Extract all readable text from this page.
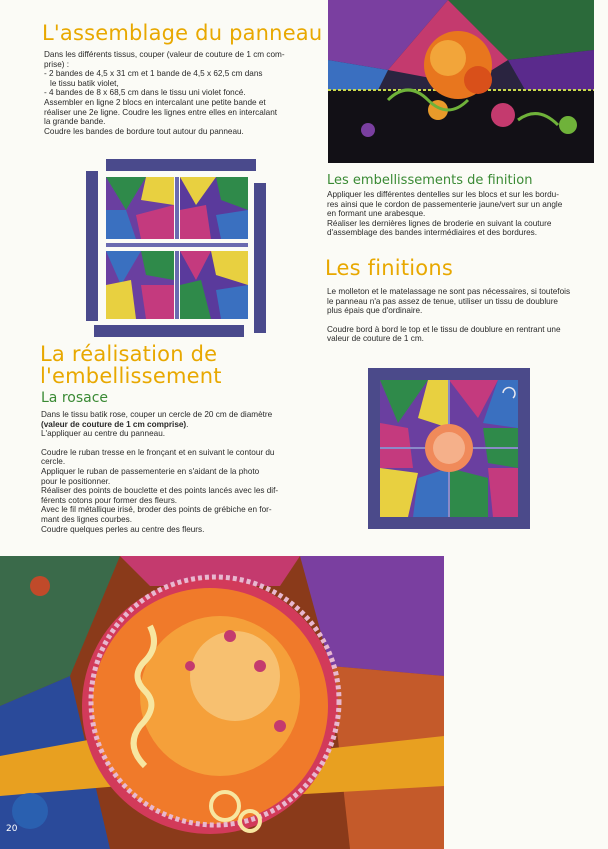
L'assemblage du panneau

Dans les différents tissus, couper (valeur de couture de 1 cm com-

prise) :

- 2 bandes de 4,5 x 31 cm et 1 bande de 4,5 x 62,5 cm dans

le tissu batik violet,

- 4 bandes de 8 x 68,5 cm dans le tissu uni violet foncé.

Assembler en ligne 2 blocs en intercalant une petite bande et

réaliser une 2e ligne. Coudre les lignes entre elles en intercalant

la grande bande.

Coudre les bandes de bordure tout autour du panneau.

Les embellissements de finition

Appliquer les différentes dentelles sur les blocs et sur les bordu-

res ainsi que le cordon de passementerie jaune/vert sur un angle

en formant une arabesque.

Réaliser les dernières lignes de broderie en suivant la couture

d'assemblage des bandes intermédiaires et des bordures.

Les finitions

Le molleton et le matelassage ne sont pas nécessaires, si toutefois

le panneau n'a pas assez de tenue, utiliser un tissu de doublure

plus épais que d'ordinaire.

Coudre bord à bord le top et le tissu de doublure en rentrant une

valeur de couture de 1 cm.

La réalisation de
l'embellissement
La rosace

Dans le tissu batik rose, couper un cercle de 20 cm de diamètre

(valeur de couture de 1 cm comprise).

L'appliquer au centre du panneau.

Coudre le ruban tresse en le fronçant et en suivant le contour du

cercle.

Appliquer le ruban de passementerie en s'aidant de la photo

pour le positionner.

Réaliser des points de bouclette et des points lancés avec les dif-

férents cotons pour former des fleurs.

Avec le fil métallique irisé, broder des points de grébiche en for-

mant des lignes courbes.

Coudre quelques perles au centre des fleurs.

20
